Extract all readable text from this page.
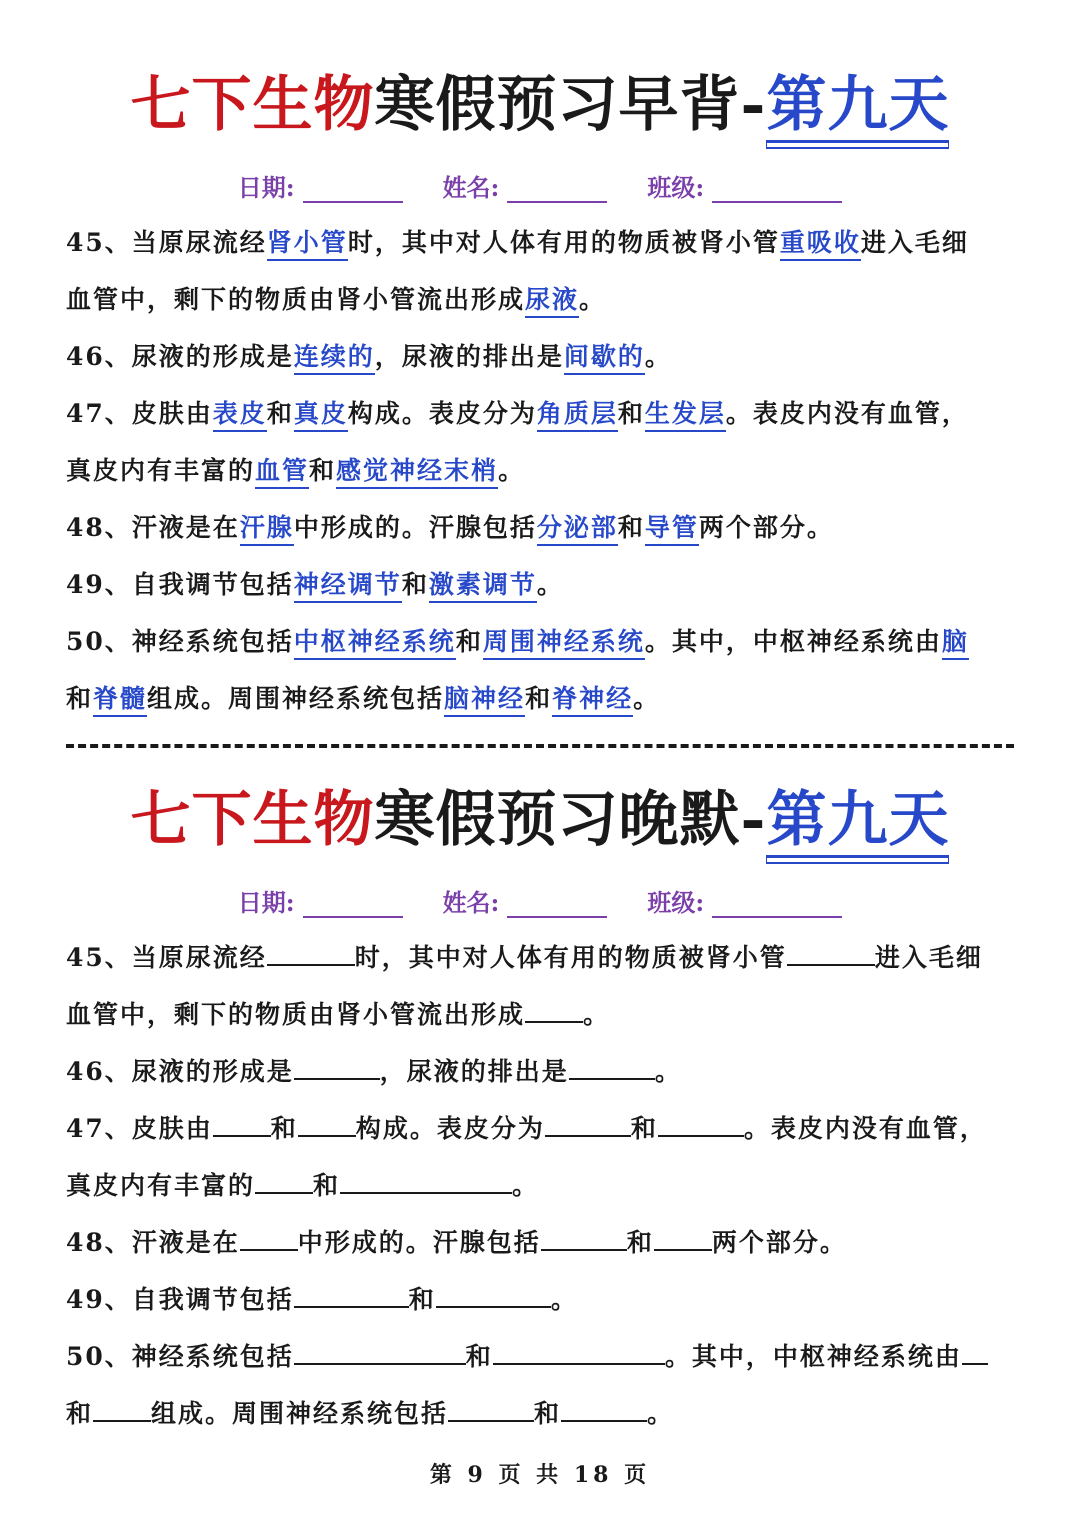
七下生物寒假预习早背-第九天
日期:	姓名:	班级:
45、当原尿流经肾小管时，其中对人体有用的物质被肾小管重吸收进入毛细
血管中，剩下的物质由肾小管流出形成尿液。
46、尿液的形成是连续的，尿液的排出是间歇的。
47、皮肤由表皮和真皮构成。表皮分为角质层和生发层。表皮内没有血管，
真皮内有丰富的血管和感觉神经末梢。
48、汗液是在汗腺中形成的。汗腺包括分泌部和导管两个部分。
49、自我调节包括神经调节和激素调节。
50、神经系统包括中枢神经系统和周围神经系统。其中，中枢神经系统由脑
和脊髓组成。周围神经系统包括脑神经和脊神经。
七下生物寒假预习晚默-第九天
日期:	姓名:	班级:
45、当原尿流经	时，其中对人体有用的物质被肾小管	进入毛细
血管中，剩下的物质由肾小管流出形成 。
46、尿液的形成是	，尿液的排出是	。
47、皮肤由 和 构成。表皮分为	和	。表皮内没有血管，
真皮内有丰富的 和	。
48、汗液是在 中形成的。汗腺包括	和 两个部分。
49、自我调节包括	和	。
50、神经系统包括	和	。其中，中枢神经系统由
和 组成。周围神经系统包括	和	。
第 9 页 共 18 页
